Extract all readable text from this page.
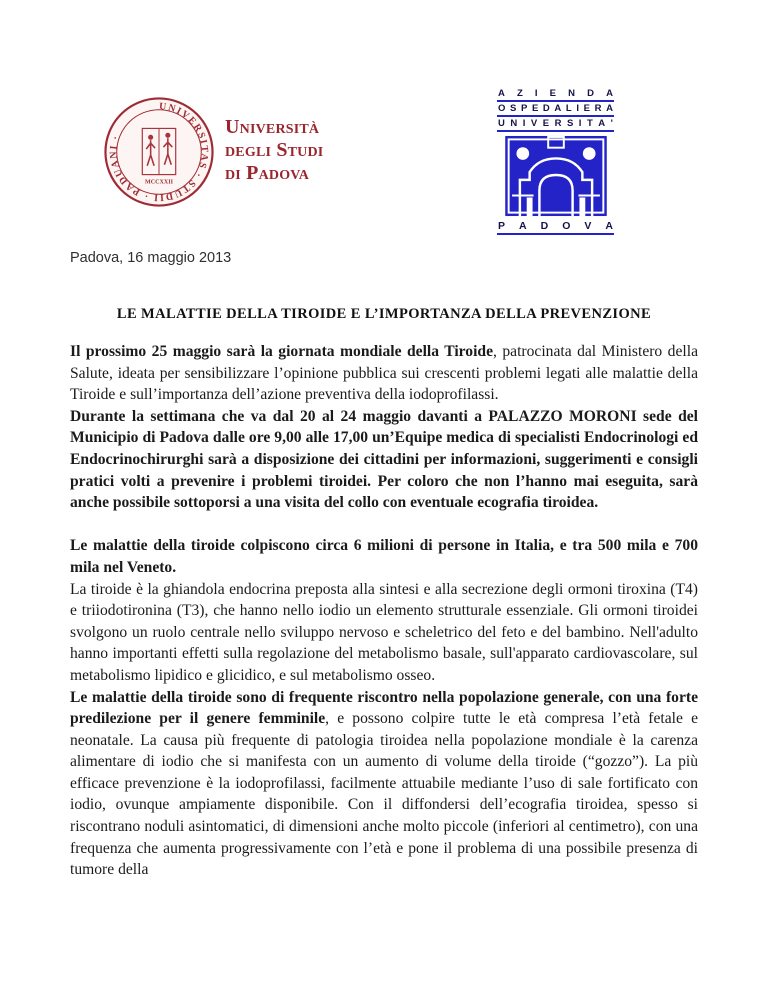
UNIVERSITAS · STUDII · PADUANI ·
MCCXXII
Università
degli Studi
di Padova
A Z I E N D A
O S P E D A L I E R A
U N I V E R S I T A '
P A D O V A
Padova, 16 maggio 2013
LE MALATTIE DELLA TIROIDE E L’IMPORTANZA DELLA PREVENZIONE

Il prossimo 25 maggio sarà la giornata mondiale della Tiroide, patrocinata dal Ministero della Salute, ideata per sensibilizzare l’opinione pubblica sui crescenti problemi legati alle malattie della Tiroide e sull’importanza dell’azione preventiva della iodoprofilassi.

Durante la settimana che va dal 20 al 24 maggio davanti a PALAZZO MORONI sede del Municipio di Padova dalle ore 9,00 alle 17,00 un’Equipe medica di specialisti Endocrinologi ed Endocrinochirurghi sarà a disposizione dei cittadini per informazioni, suggerimenti e consigli pratici volti a prevenire i problemi tiroidei. Per coloro che non l’hanno mai eseguita, sarà anche possibile sottoporsi a una visita del collo con eventuale ecografia tiroidea.

Le malattie della tiroide colpiscono circa 6 milioni di persone in Italia, e tra 500 mila e 700 mila nel Veneto.

La tiroide è la ghiandola endocrina preposta alla sintesi e alla secrezione degli ormoni tiroxina (T4) e triiodotironina (T3), che hanno nello iodio un elemento strutturale essenziale. Gli ormoni tiroidei svolgono un ruolo centrale nello sviluppo nervoso e scheletrico del feto e del bambino. Nell'adulto hanno importanti effetti sulla regolazione del metabolismo basale, sull'apparato cardiovascolare, sul metabolismo lipidico e glicidico, e sul metabolismo osseo.

Le malattie della tiroide sono di frequente riscontro nella popolazione generale, con una forte predilezione per il genere femminile, e possono colpire tutte le età compresa l’età fetale e neonatale. La causa più frequente di patologia tiroidea nella popolazione mondiale è la carenza alimentare di iodio che si manifesta con un aumento di volume della tiroide (“gozzo”). La più efficace prevenzione è la iodoprofilassi, facilmente attuabile mediante l’uso di sale fortificato con iodio, ovunque ampiamente disponibile. Con il diffondersi dell’ecografia tiroidea, spesso si riscontrano noduli asintomatici, di dimensioni anche molto piccole (inferiori al centimetro), con una frequenza che aumenta progressivamente con l’età e pone il problema di una possibile presenza di tumore della
